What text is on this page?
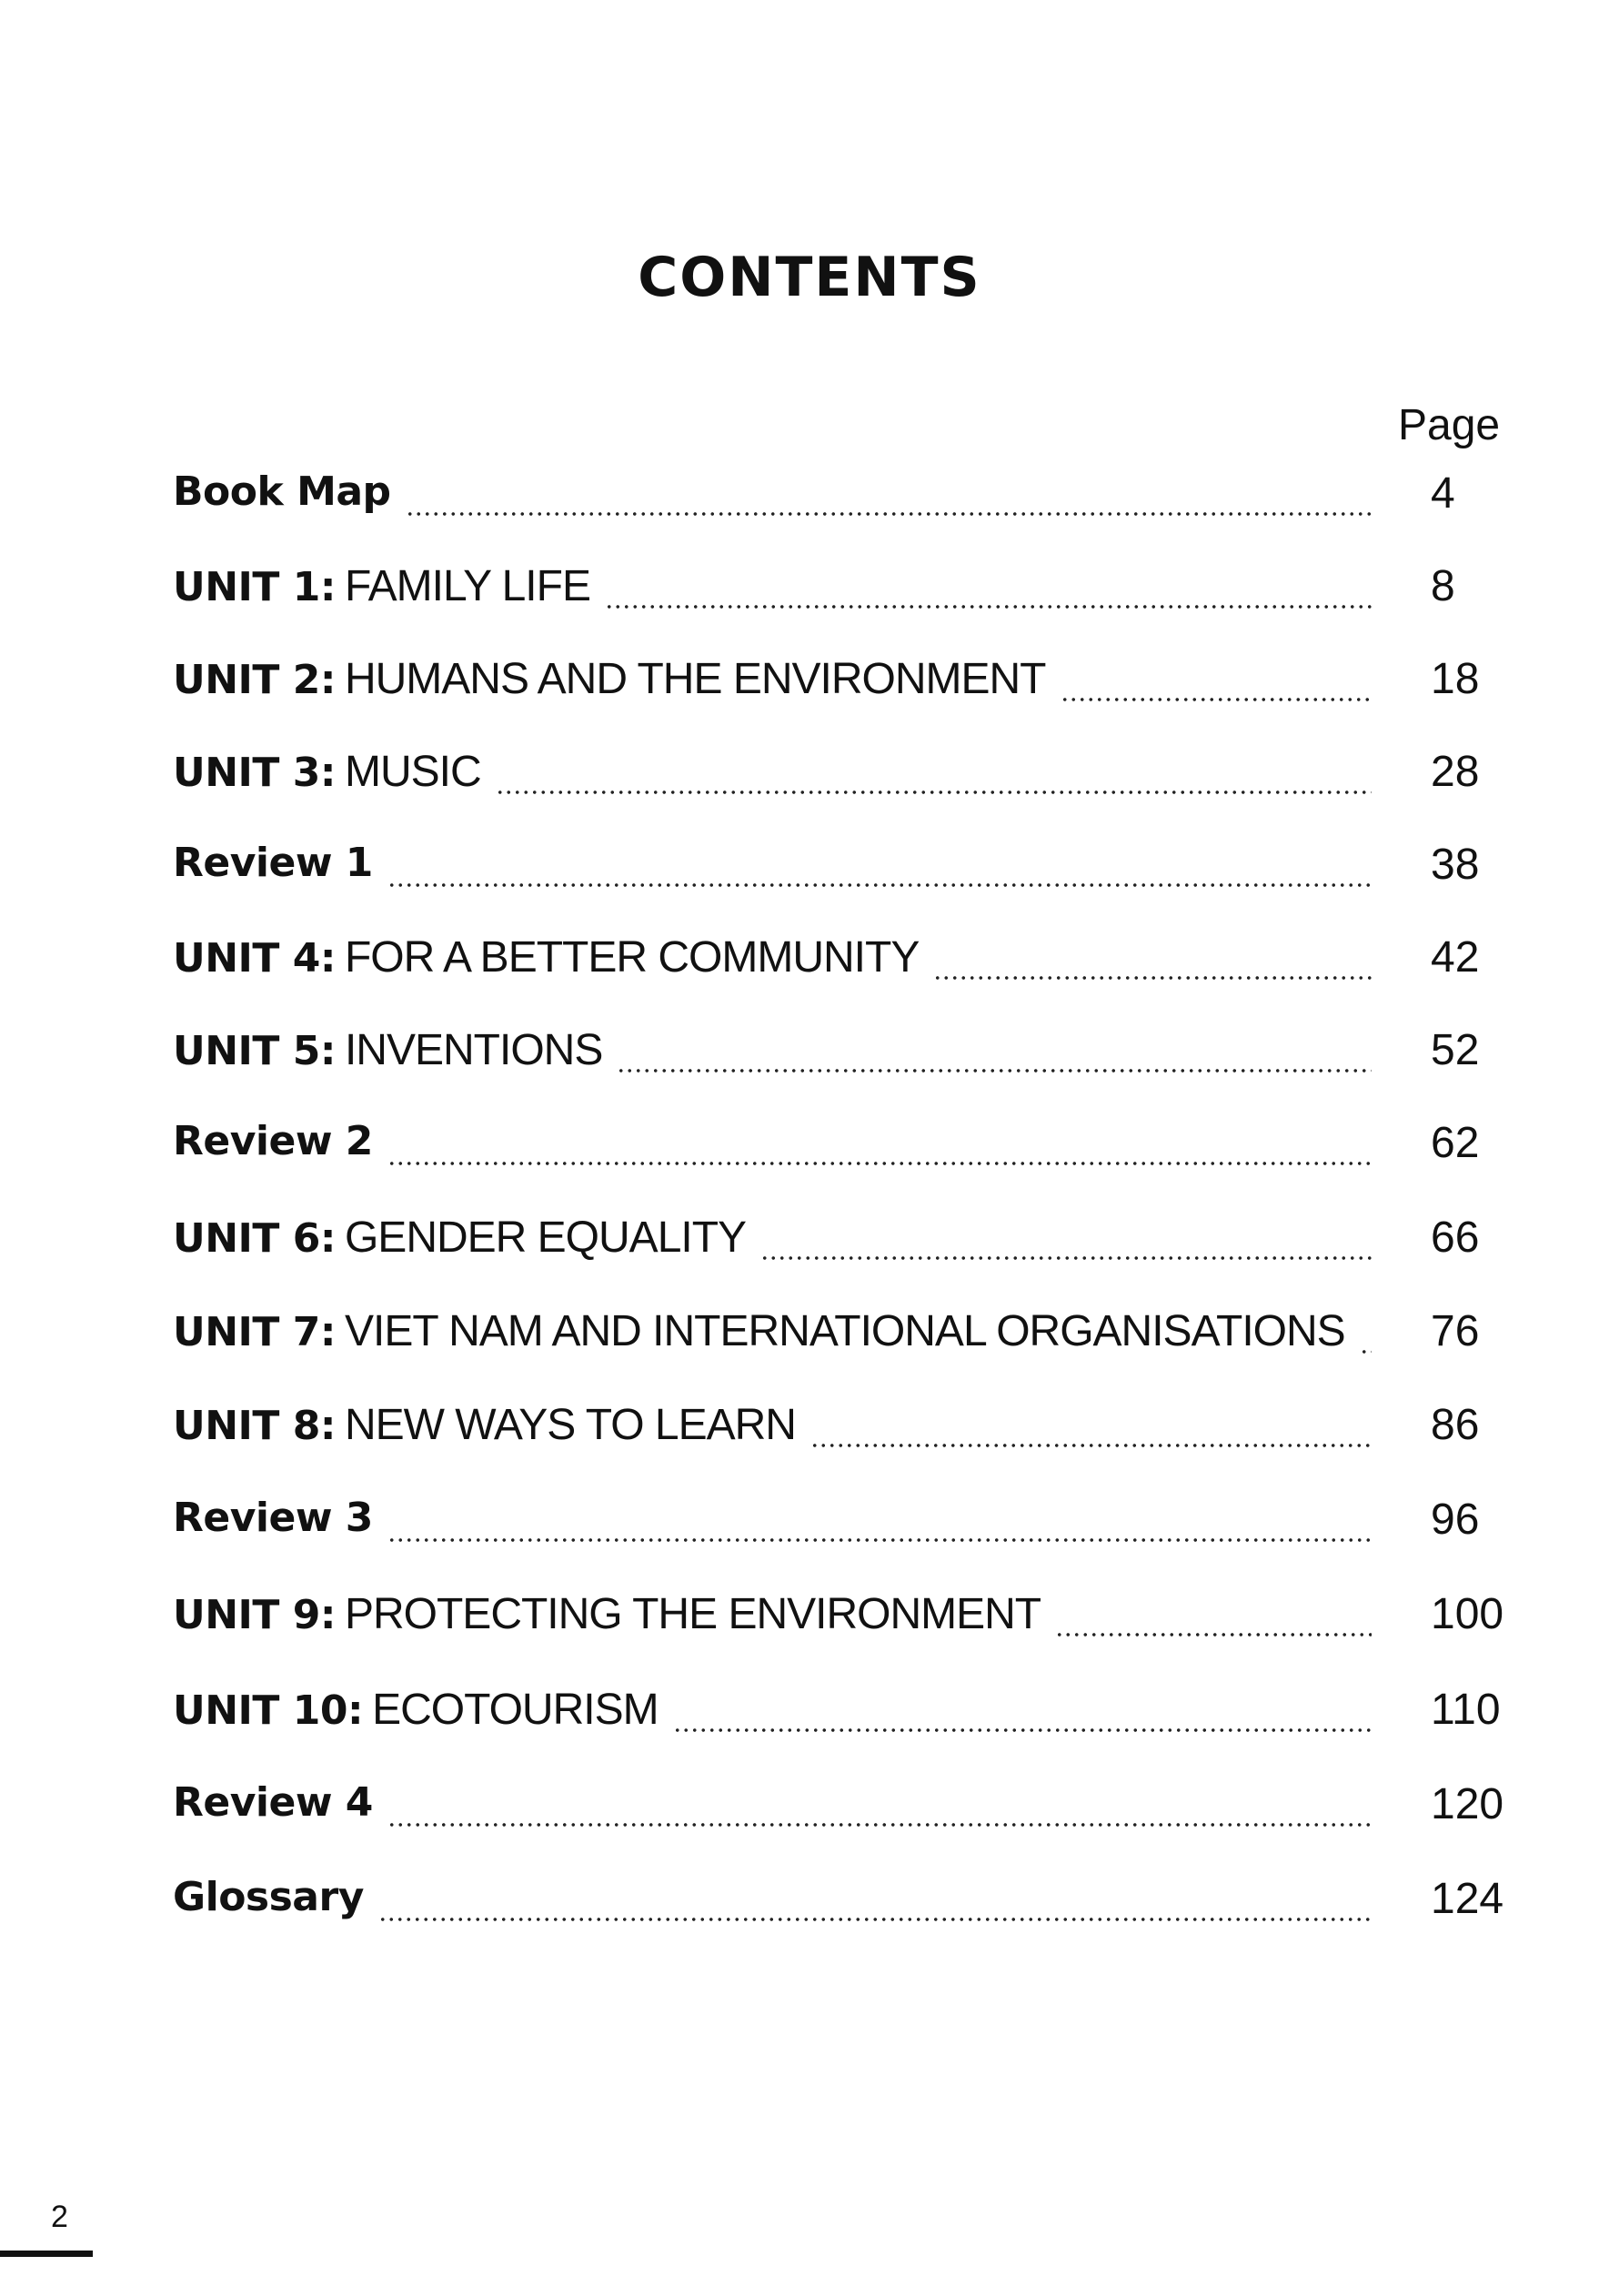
CONTENTS
Page
Book Map	4
UNIT 1: FAMILY LIFE	8
UNIT 2: HUMANS AND THE ENVIRONMENT	18
UNIT 3: MUSIC	28
Review 1	38
UNIT 4: FOR A BETTER COMMUNITY	42
UNIT 5: INVENTIONS	52
Review 2	62
UNIT 6: GENDER EQUALITY	66
UNIT 7: VIET NAM AND INTERNATIONAL ORGANISATIONS 76
UNIT 8: NEW WAYS TO LEARN	86
Review 3	96
UNIT 9: PROTECTING THE ENVIRONMENT	100
UNIT 10: ECOTOURISM	110
Review 4	120
Glossary	124
2
